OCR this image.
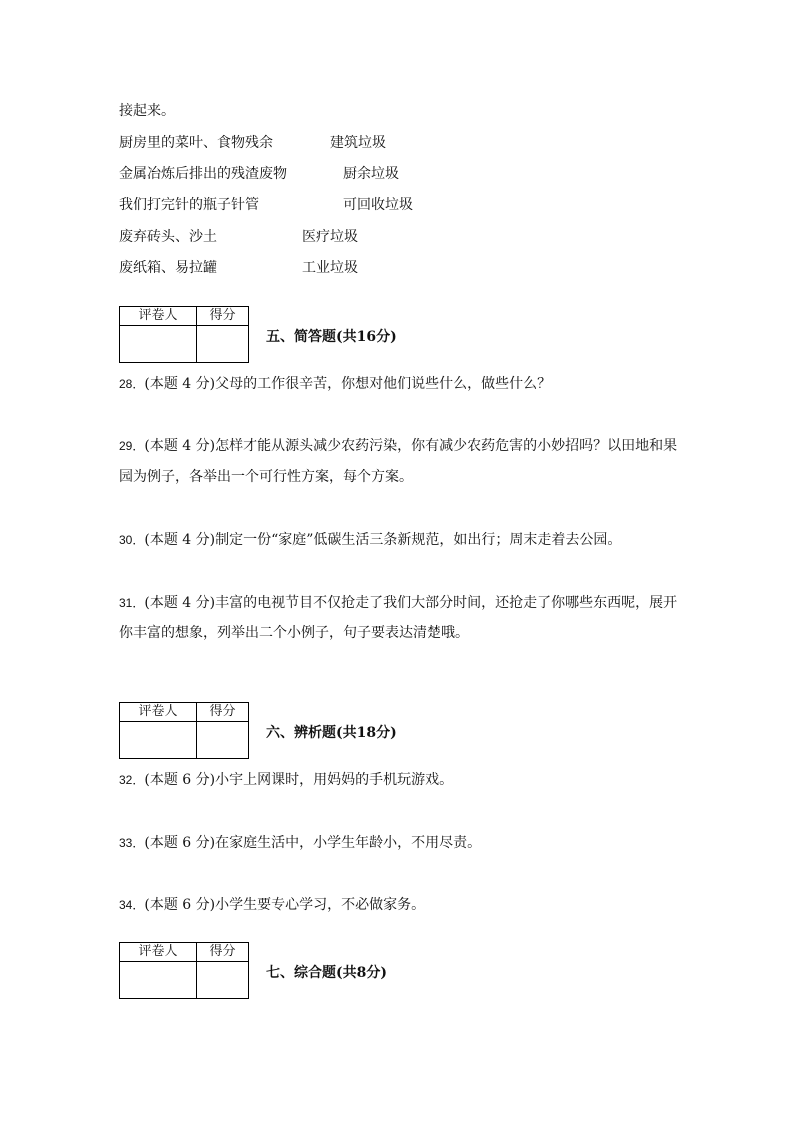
接起来。
厨房里的菜叶、食物残余	建筑垃圾
金属冶炼后排出的残渣废物	厨余垃圾
我们打完针的瓶子针管	可回收垃圾
废弃砖头、沙土	医疗垃圾
废纸箱、易拉罐	工业垃圾
评卷人	得分

五、简答题(共16分)
28．(本题 4 分)父母的工作很辛苦，你想对他们说些什么，做些什么？
29．(本题 4 分)怎样才能从源头减少农药污染，你有减少农药危害的小妙招吗？以田地和果
园为例子，各举出一个可行性方案，每个方案。
30．(本题 4 分)制定一份“家庭”低碳生活三条新规范，如出行；周末走着去公园。
31．(本题 4 分)丰富的电视节目不仅抢走了我们大部分时间，还抢走了你哪些东西呢，展开
你丰富的想象，列举出二个小例子，句子要表达清楚哦。
评卷人	得分

六、辨析题(共18分)
32．(本题 6 分)小宇上网课时，用妈妈的手机玩游戏。
33．(本题 6 分)在家庭生活中，小学生年龄小，不用尽责。
34．(本题 6 分)小学生要专心学习，不必做家务。
评卷人	得分

七、综合题(共8分)
